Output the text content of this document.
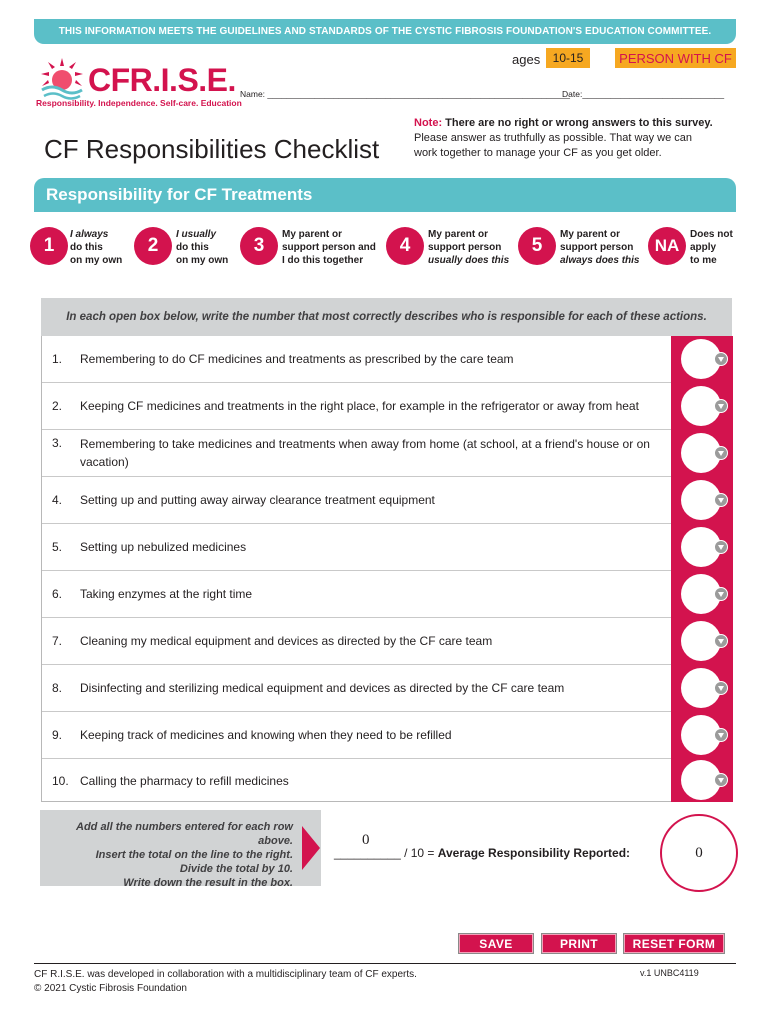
THIS INFORMATION MEETS THE GUIDELINES AND STANDARDS OF THE CYSTIC FIBROSIS FOUNDATION'S EDUCATION COMMITTEE.
CFR.I.S.E.
Responsibility. Independence. Self-care. Education
ages	10-15	PERSON WITH CF
Name: ________________________________________________________________
Date:______________________________
CF Responsibilities Checklist
Note: There are no right or wrong answers to this survey.
Please answer as truthfully as possible. That way we can
work together to manage your CF as you get older.
Responsibility for CF Treatments
1
I always
do this
on my own
2
I usually
do this
on my own
3
My parent or
support person and
I do this together
4
My parent or
support person
usually does this
5
My parent or
support person
always does this
NA
Does not
apply
to me
In each open box below, write the number that most correctly describes who is responsible for each of these actions.
1. Remembering to do CF medicines and treatments as prescribed by the care team
2. Keeping CF medicines and treatments in the right place, for example in the refrigerator or away from heat
3. Remembering to take medicines and treatments when away from home (at school, at a friend's house or on vacation)
4. Setting up and putting away airway clearance treatment equipment
5. Setting up nebulized medicines
6. Taking enzymes at the right time
7. Cleaning my medical equipment and devices as directed by the CF care team
8. Disinfecting and sterilizing medical equipment and devices as directed by the CF care team
9. Keeping track of medicines and knowing when they need to be refilled
10. Calling the pharmacy to refill medicines
Add all the numbers entered for each row above.
Insert the total on the line to the right.
Divide the total by 10.
Write down the result in the box.
0
__________ / 10 = Average Responsibility Reported:	0
SAVE	PRINT	RESET FORM
CF R.I.S.E. was developed in collaboration with a multidisciplinary team of CF experts.
© 2021 Cystic Fibrosis Foundation
v.1 UNBC4119
